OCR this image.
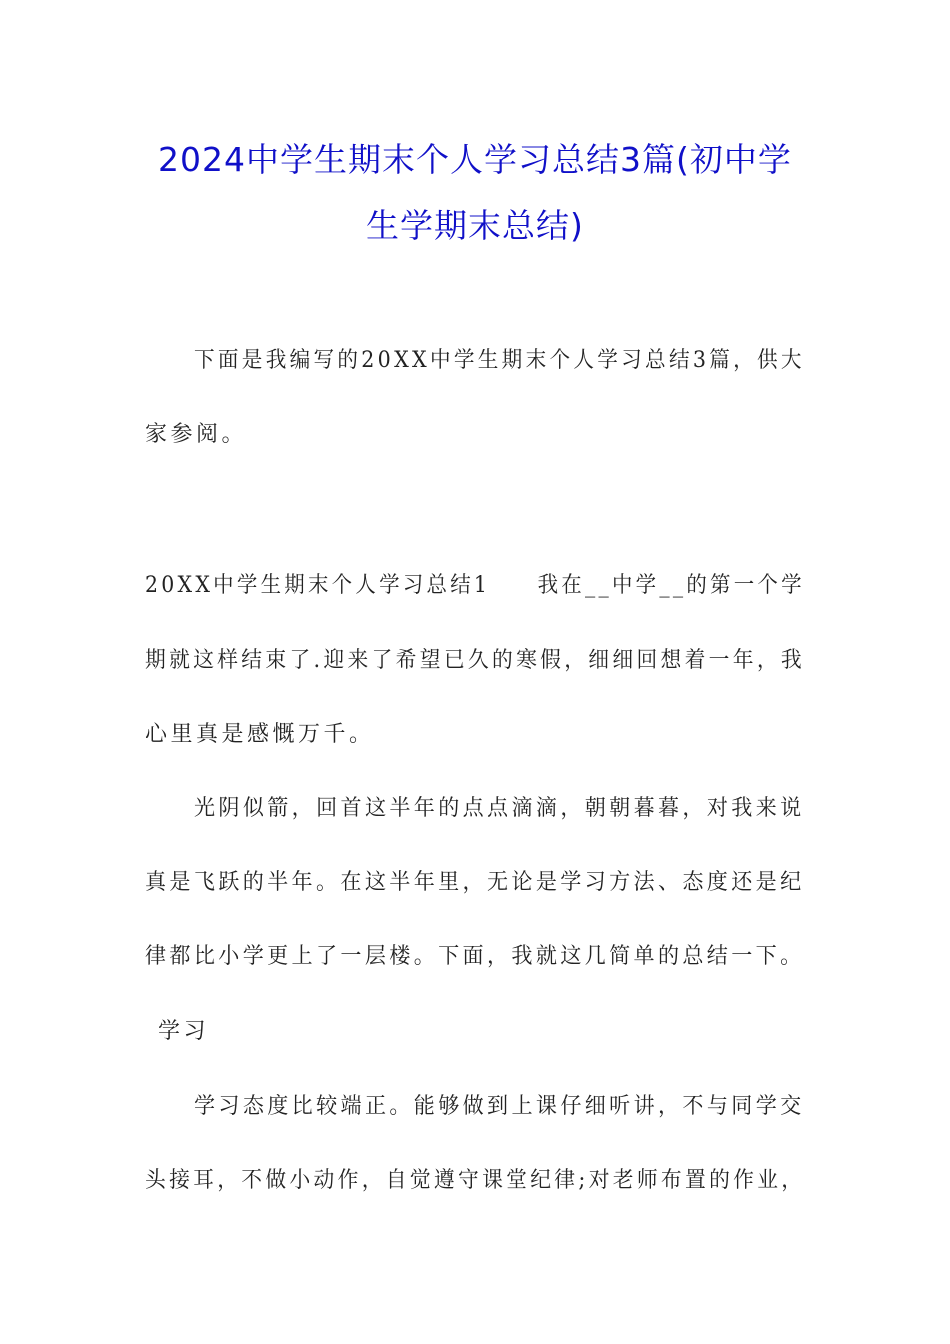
2024中学生期末个人学习总结3篇(初中学
生学期末总结)
下面是我编写的20XX中学生期末个人学习总结3篇，供大
家参阅。
20XX中学生期末个人学习总结1　　我在__中学__的第一个学
期就这样结束了.迎来了希望已久的寒假，细细回想着一年，我
心里真是感慨万千。
光阴似箭，回首这半年的点点滴滴，朝朝暮暮，对我来说
真是飞跃的半年。在这半年里，无论是学习方法、态度还是纪
律都比小学更上了一层楼。下面，我就这几简单的总结一下。
学习
学习态度比较端正。能够做到上课仔细听讲，不与同学交
头接耳，不做小动作，自觉遵守课堂纪律;对老师布置的作业，
